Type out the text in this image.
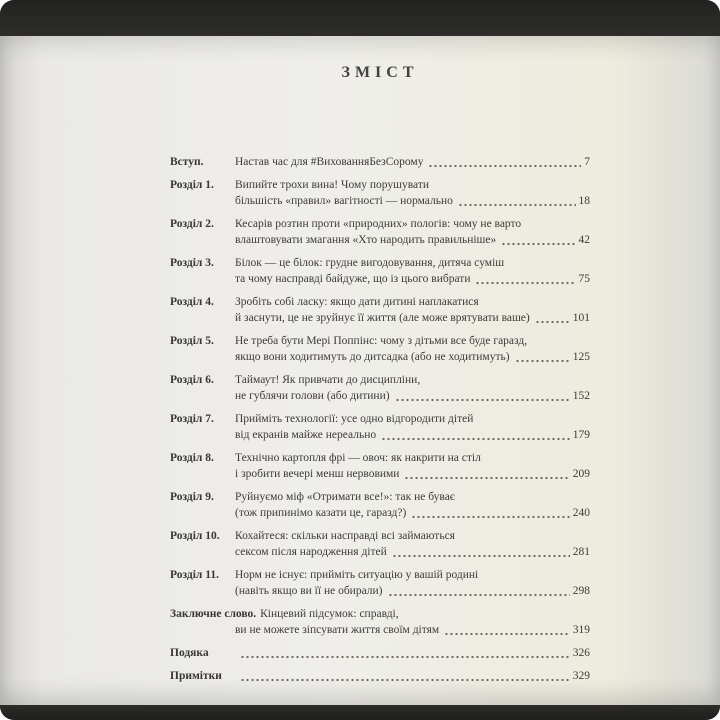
ЗМІСТ
Вступ.	Настав час для #ВихованняБезСорому	7
Розділ 1.	Випийте трохи вина! Чому порушувати
більшість «правил» вагітності — нормально	18
Розділ 2.	Кесарів розтин проти «природних» пологів: чому не варто
влаштовувати змагання «Хто народить правильніше»	42
Розділ 3.	Білок — це білок: грудне вигодовування, дитяча суміш
та чому насправді байдуже, що із цього вибрати	75
Розділ 4.	Зробіть собі ласку: якщо дати дитині наплакатися
й заснути, це не зруйнує її життя (але може врятувати ваше)	101
Розділ 5.	Не треба бути Мері Поппінс: чому з дітьми все буде гаразд,
якщо вони ходитимуть до дитсадка (або не ходитимуть)	125
Розділ 6.	Таймаут! Як привчати до дисципліни,
не гублячи голови (або дитини)	152
Розділ 7.	Прийміть технології: усе одно відгородити дітей
від екранів майже нереально	179
Розділ 8.	Технічно картопля фрі — овоч: як накрити на стіл
і зробити вечері менш нервовими	209
Розділ 9.	Руйнуємо міф «Отримати все!»: так не буває
(тож припинімо казати це, гаразд?)	240
Розділ 10.	Кохайтеся: скільки насправді всі займаються
сексом після народження дітей	281
Розділ 11.	Норм не існує: прийміть ситуацію у вашій родині
(навіть якщо ви її не обирали)	298
Заключне слово. Кінцевий підсумок: справді,
ви не можете зіпсувати життя своїм дітям	319
Подяка	326
Примітки	329
